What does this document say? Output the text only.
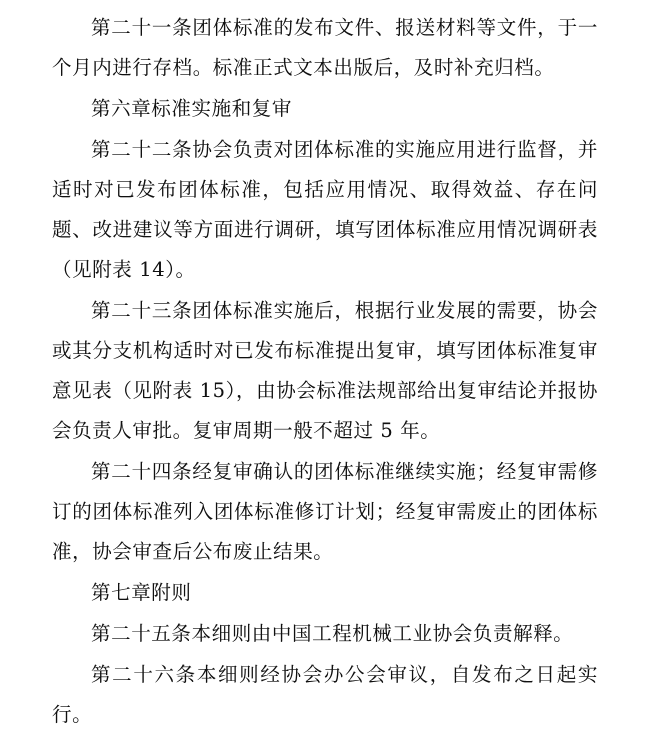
第二十一条团体标准的发布文件、报送材料等文件，于一个月内进行存档。标准正式文本出版后，及时补充归档。

第六章标准实施和复审

第二十二条协会负责对团体标准的实施应用进行监督，并适时对已发布团体标准，包括应用情况、取得效益、存在问题、改进建议等方面进行调研，填写团体标准应用情况调研表（见附表 14）。

第二十三条团体标准实施后，根据行业发展的需要，协会或其分支机构适时对已发布标准提出复审，填写团体标准复审意见表（见附表 15），由协会标准法规部给出复审结论并报协会负责人审批。复审周期一般不超过 5 年。

第二十四条经复审确认的团体标准继续实施；经复审需修订的团体标准列入团体标准修订计划；经复审需废止的团体标准，协会审查后公布废止结果。

第七章附则

第二十五条本细则由中国工程机械工业协会负责解释。

第二十六条本细则经协会办公会审议，自发布之日起实行。
